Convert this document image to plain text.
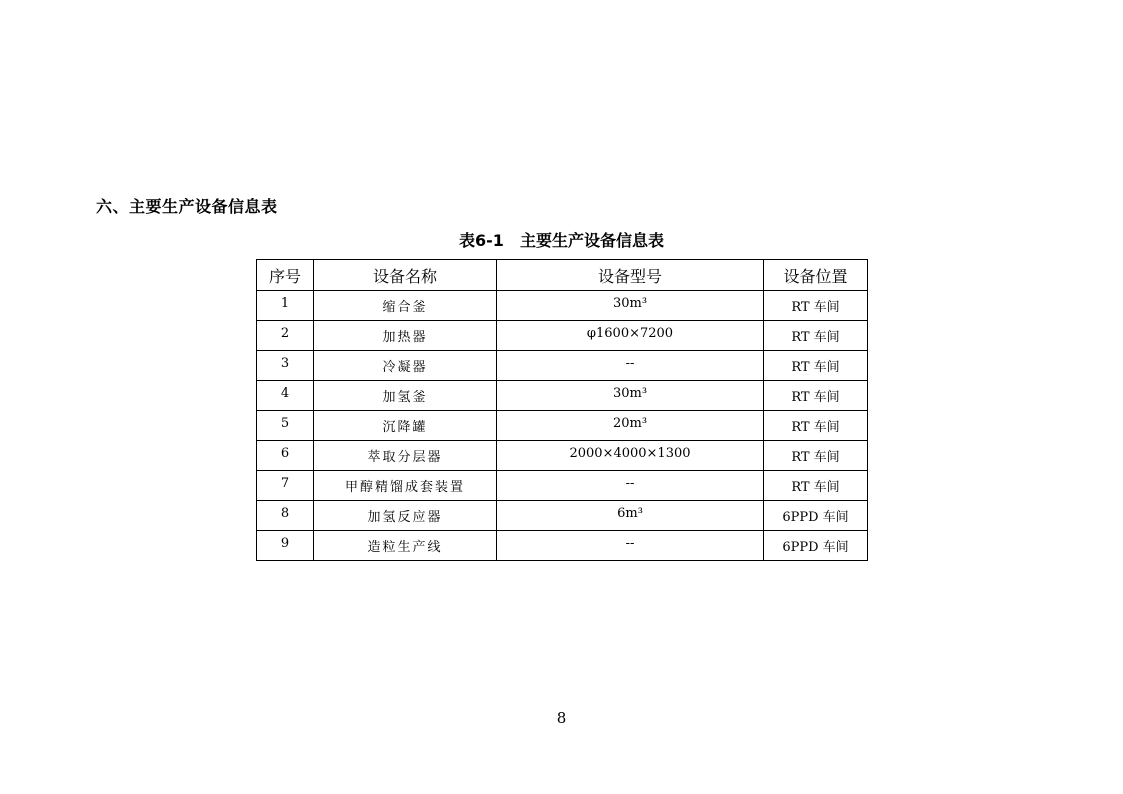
六、主要生产设备信息表
表6-1 主要生产设备信息表
序号	设备名称	设备型号	设备位置
1	缩合釜	30m³	RT 车间
2	加热器	φ1600×7200	RT 车间
3	冷凝器	--	RT 车间
4	加氢釜	30m³	RT 车间
5	沉降罐	20m³	RT 车间
6	萃取分层器	2000×4000×1300	RT 车间
7	甲醇精馏成套装置	--	RT 车间
8	加氢反应器	6m³	6PPD 车间
9	造粒生产线	--	6PPD 车间
8
